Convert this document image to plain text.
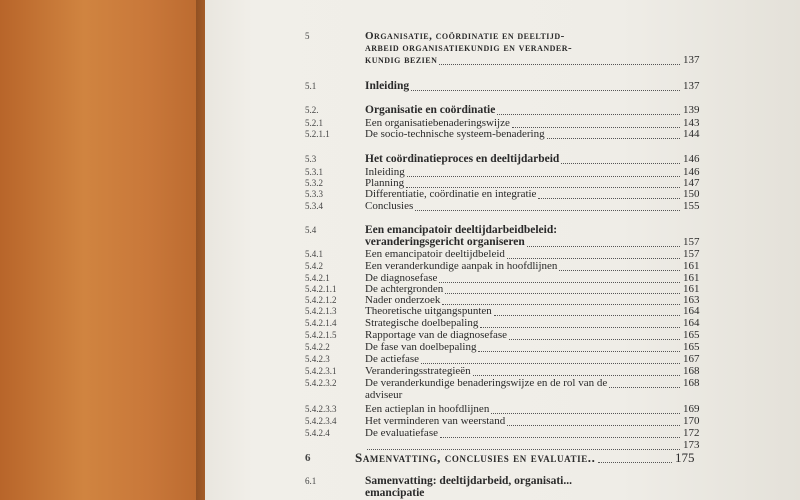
5	Organisatie, coördinatie en deeltijd-
arbeid organisatiekundig en verander-
kundig bezien	137
5.1	Inleiding	137
5.2.	Organisatie en coördinatie	139
5.2.1	Een organisatiebenaderingswijze	143
5.2.1.1	De socio-technische systeem-benadering	144
5.3	Het coördinatieproces en deeltijdarbeid	146
5.3.1	Inleiding	146
5.3.2	Planning	147
5.3.3	Differentiatie, coördinatie en integratie	150
5.3.4	Conclusies	155
5.4	Een emancipatoir deeltijdarbeidbeleid:
veranderingsgericht organiseren	157
5.4.1	Een emancipatoir deeltijdbeleid	157
5.4.2	Een veranderkundige aanpak in hoofdlijnen	161
5.4.2.1	De diagnosefase	161
5.4.2.1.1	De achtergronden	161
5.4.2.1.2	Nader onderzoek	163
5.4.2.1.3	Theoretische uitgangspunten	164
5.4.2.1.4	Strategische doelbepaling	164
5.4.2.1.5	Rapportage van de diagnosefase	165
5.4.2.2	De fase van doelbepaling	165
5.4.2.3	De actiefase	167
5.4.2.3.1	Veranderingsstrategieën	168
5.4.2.3.2	De veranderkundige benaderingswijze en de rol van de	168
adviseur
5.4.2.3.3	Een actieplan in hoofdlijnen	169
5.4.2.3.4	Het verminderen van weerstand	170
5.4.2.4	De evaluatiefase	172
173
6	Samenvatting, conclusies en evaluatie..	175
6.1	Samenvatting: deeltijdarbeid, organisati...
emancipatie
